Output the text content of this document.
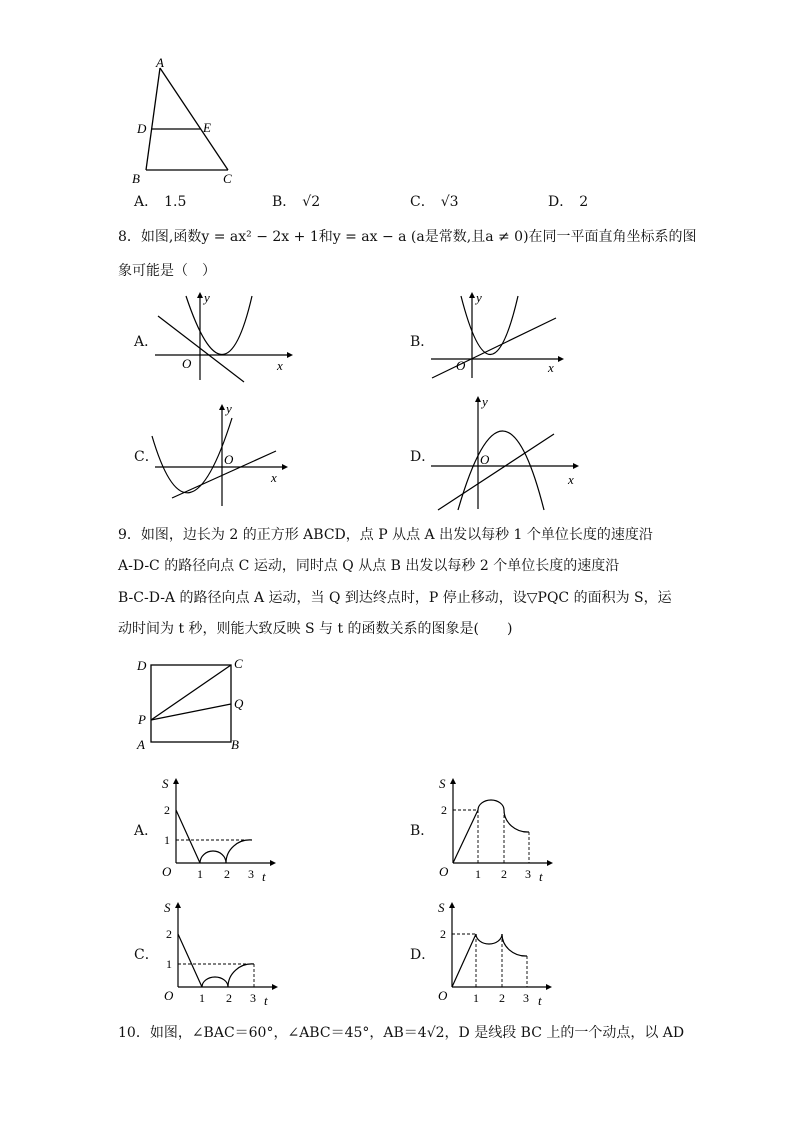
A
D	E
B	C
A． 1.5	B． √2	C． √3	D． 2
8．如图,函数y = ax² − 2x + 1和y = ax − a (a是常数,且a ≠ 0)在同一平面直角坐标系的图
象可能是（　）
A．
y
O	x
B．
y
O	x
C．
y
O
x
D．
y
O
x
9．如图，边长为 2 的正方形 ABCD，点 P 从点 A 出发以每秒 1 个单位长度的速度沿
A-D-C 的路径向点 C 运动，同时点 Q 从点 B 出发以每秒 2 个单位长度的速度沿
B-C-D-A 的路径向点 A 运动，当 Q 到达终点时，P 停止移动，设▽PQC 的面积为 S，运
动时间为 t 秒，则能大致反映 S 与 t 的函数关系的图象是(　　)
D	C
Q
P
A	B
A．
S
2
1
O 1 2 3 t
B．
S
2
O 1 2 3 t
C．
S
2
1
O 1 2 3 t
D．
S
2
O 1 2 3 t
10．如图，∠BAC＝60°，∠ABC＝45°，AB＝4√2，D 是线段 BC 上的一个动点，以 AD
